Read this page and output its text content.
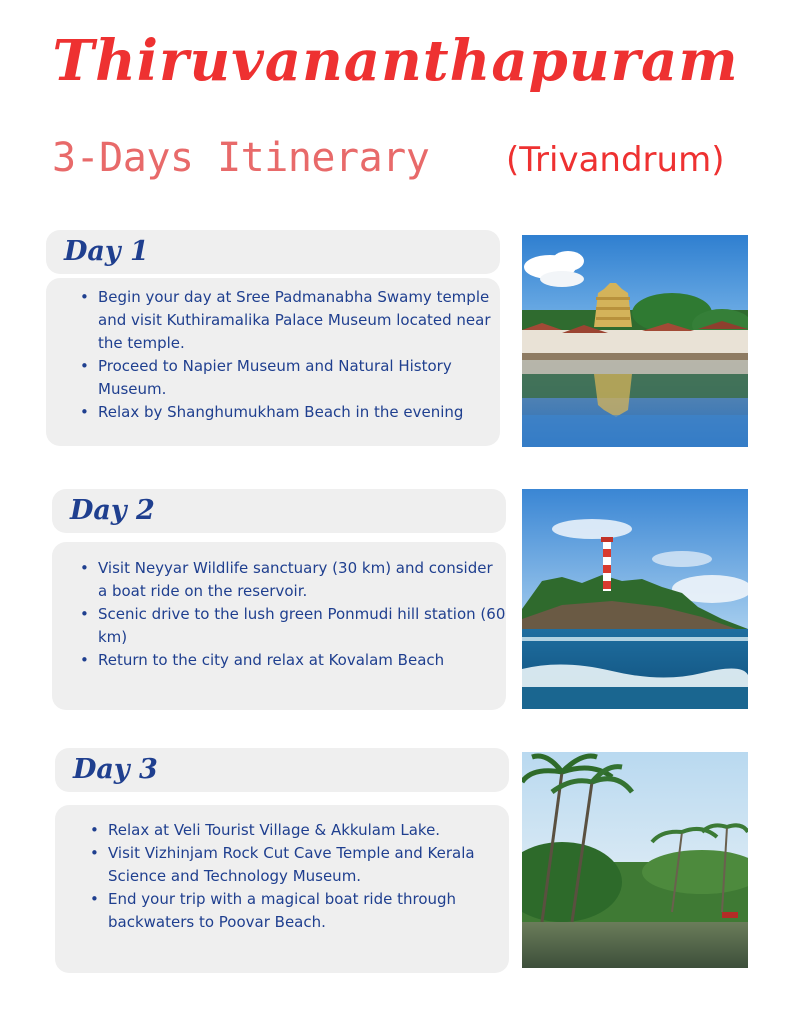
Thiruvananthapuram
3-Days Itinerary (Trivandrum)
Day 1
• Begin your day at Sree Padmanabha Swamy temple and visit Kuthiramalika Palace Museum located near the temple.
• Proceed to Napier Museum and Natural History Museum.
• Relax by Shanghumukham Beach in the evening
Day 2
• Visit Neyyar Wildlife sanctuary (30 km) and consider a boat ride on the reservoir.
• Scenic drive to the lush green Ponmudi hill station (60 km)
• Return to the city and relax at Kovalam Beach
Day 3
• Relax at Veli Tourist Village & Akkulam Lake.
• Visit Vizhinjam Rock Cut Cave Temple and Kerala Science and Technology Museum.
• End your trip with a magical boat ride through backwaters to Poovar Beach.
